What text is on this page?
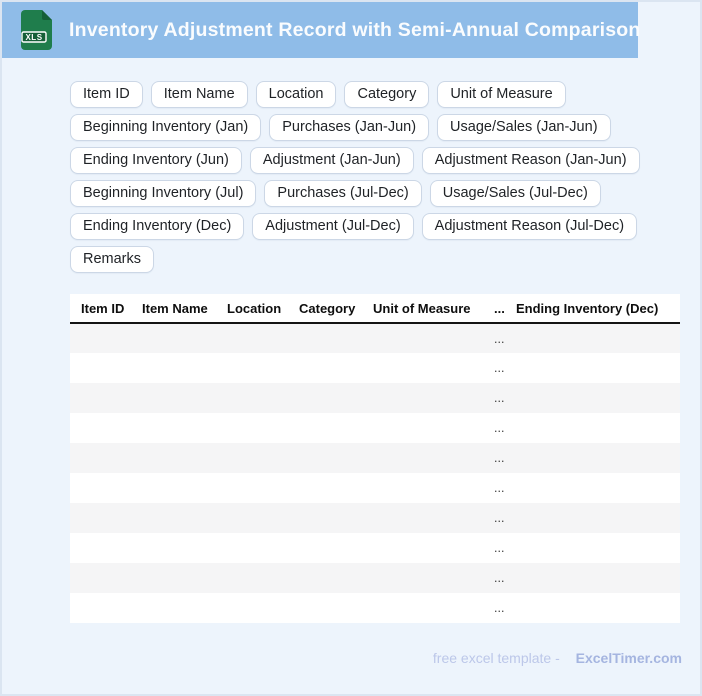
XLS Inventory Adjustment Record with Semi-Annual Comparison
Item ID	Item Name	Location	Category	Unit of Measure
Beginning Inventory (Jan)	Purchases (Jan-Jun)	Usage/Sales (Jan-Jun)
Ending Inventory (Jun)	Adjustment (Jan-Jun)	Adjustment Reason (Jan-Jun)
Beginning Inventory (Jul)	Purchases (Jul-Dec)	Usage/Sales (Jul-Dec)
Ending Inventory (Dec)	Adjustment (Jul-Dec)	Adjustment Reason (Jul-Dec)
Remarks
Item ID	Item Name	Location	Category	Unit of Measure	...	Ending Inventory (Dec)
					...	
					...	
					...	
					...	
					...	
					...	
					...	
					...	
					...	
					...	
free excel template - ExcelTimer.com
